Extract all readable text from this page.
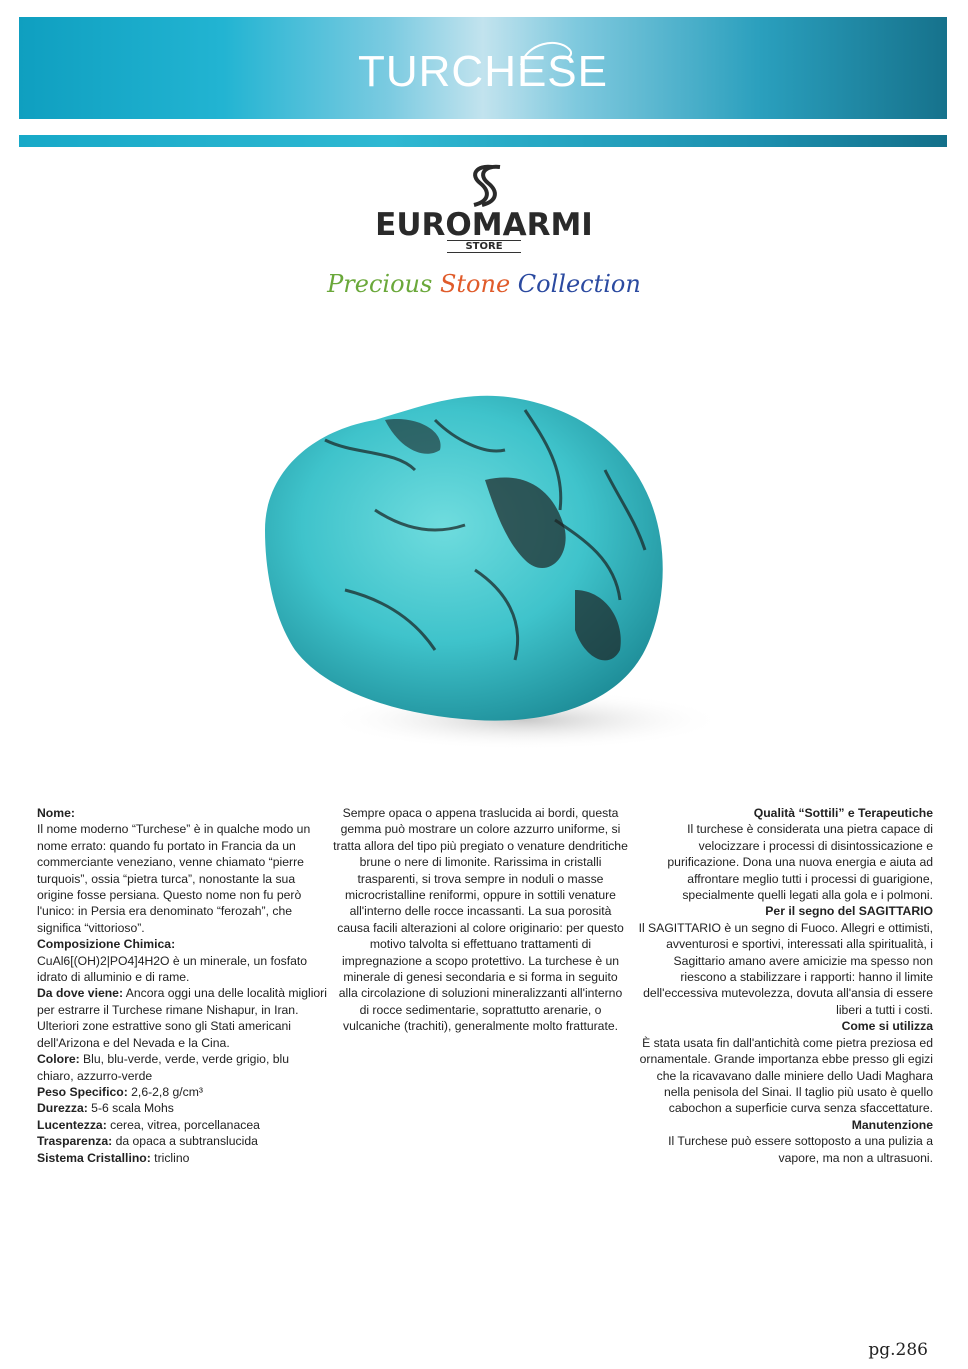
TURCHESE
EUROMARMI
STORE
Precious Stone Collection

Nome:

Il nome moderno “Turchese” è in qualche modo un nome errato: quando fu portato in Francia da un commerciante veneziano, venne chiamato “pierre turquois”, ossia “pietra turca”, nonostante la sua origine fosse persiana. Questo nome non fu però l'unico: in Persia era denominato “ferozah”, che significa “vittorioso”.

Composizione Chimica:

CuAl6[(OH)2|PO4]4H2O è un minerale, un fosfato idrato di alluminio e di rame.

Da dove viene: Ancora oggi una delle località migliori per estrarre il Turchese rimane Nishapur, in Iran. Ulteriori zone estrattive sono gli Stati americani dell'Arizona e del Nevada e la Cina.

Colore: Blu, blu-verde, verde, verde grigio, blu chiaro, azzurro-verde

Peso Specifico: 2,6-2,8 g/cm³

Durezza: 5-6 scala Mohs

Lucentezza: cerea, vitrea, porcellanacea

Trasparenza: da opaca a subtranslucida

Sistema Cristallino: triclino

Sempre opaca o appena traslucida ai bordi, questa gemma può mostrare un colore azzurro uniforme, si tratta allora del tipo più pregiato o venature dendritiche brune o nere di limonite. Rarissima in cristalli trasparenti, si trova sempre in noduli o masse microcristalline reniformi, oppure in sottili venature all'interno delle rocce incassanti. La sua porosità causa facili alterazioni al colore originario: per questo motivo talvolta si effettuano trattamenti di impregnazione a scopo protettivo. La turchese è un minerale di genesi secondaria e si forma in seguito alla circolazione di soluzioni mineralizzanti all'interno di rocce sedimentarie, soprattutto arenarie, o vulcaniche (trachiti), generalmente molto fratturate.

Qualità “Sottili” e Terapeutiche

Il turchese è considerata una pietra capace di velocizzare i processi di disintossicazione e purificazione. Dona una nuova energia e aiuta ad affrontare meglio tutti i processi di guarigione, specialmente quelli legati alla gola e i polmoni.

Per il segno del SAGITTARIO

Il SAGITTARIO è un segno di Fuoco. Allegri e ottimisti, avventurosi e sportivi, interessati alla spiritualità, i Sagittario amano avere amicizie ma spesso non riescono a stabilizzare i rapporti: hanno il limite dell'eccessiva mutevolezza, dovuta all'ansia di essere liberi a tutti i costi.

Come si utilizza

È stata usata fin dall'antichità come pietra preziosa ed ornamentale. Grande importanza ebbe presso gli egizi che la ricavavano dalle miniere dello Uadi Maghara nella penisola del Sinai. Il taglio più usato è quello cabochon a superficie curva senza sfaccettature.

Manutenzione

Il Turchese può essere sottoposto a una pulizia a vapore, ma non a ultrasuoni.

pg.286
